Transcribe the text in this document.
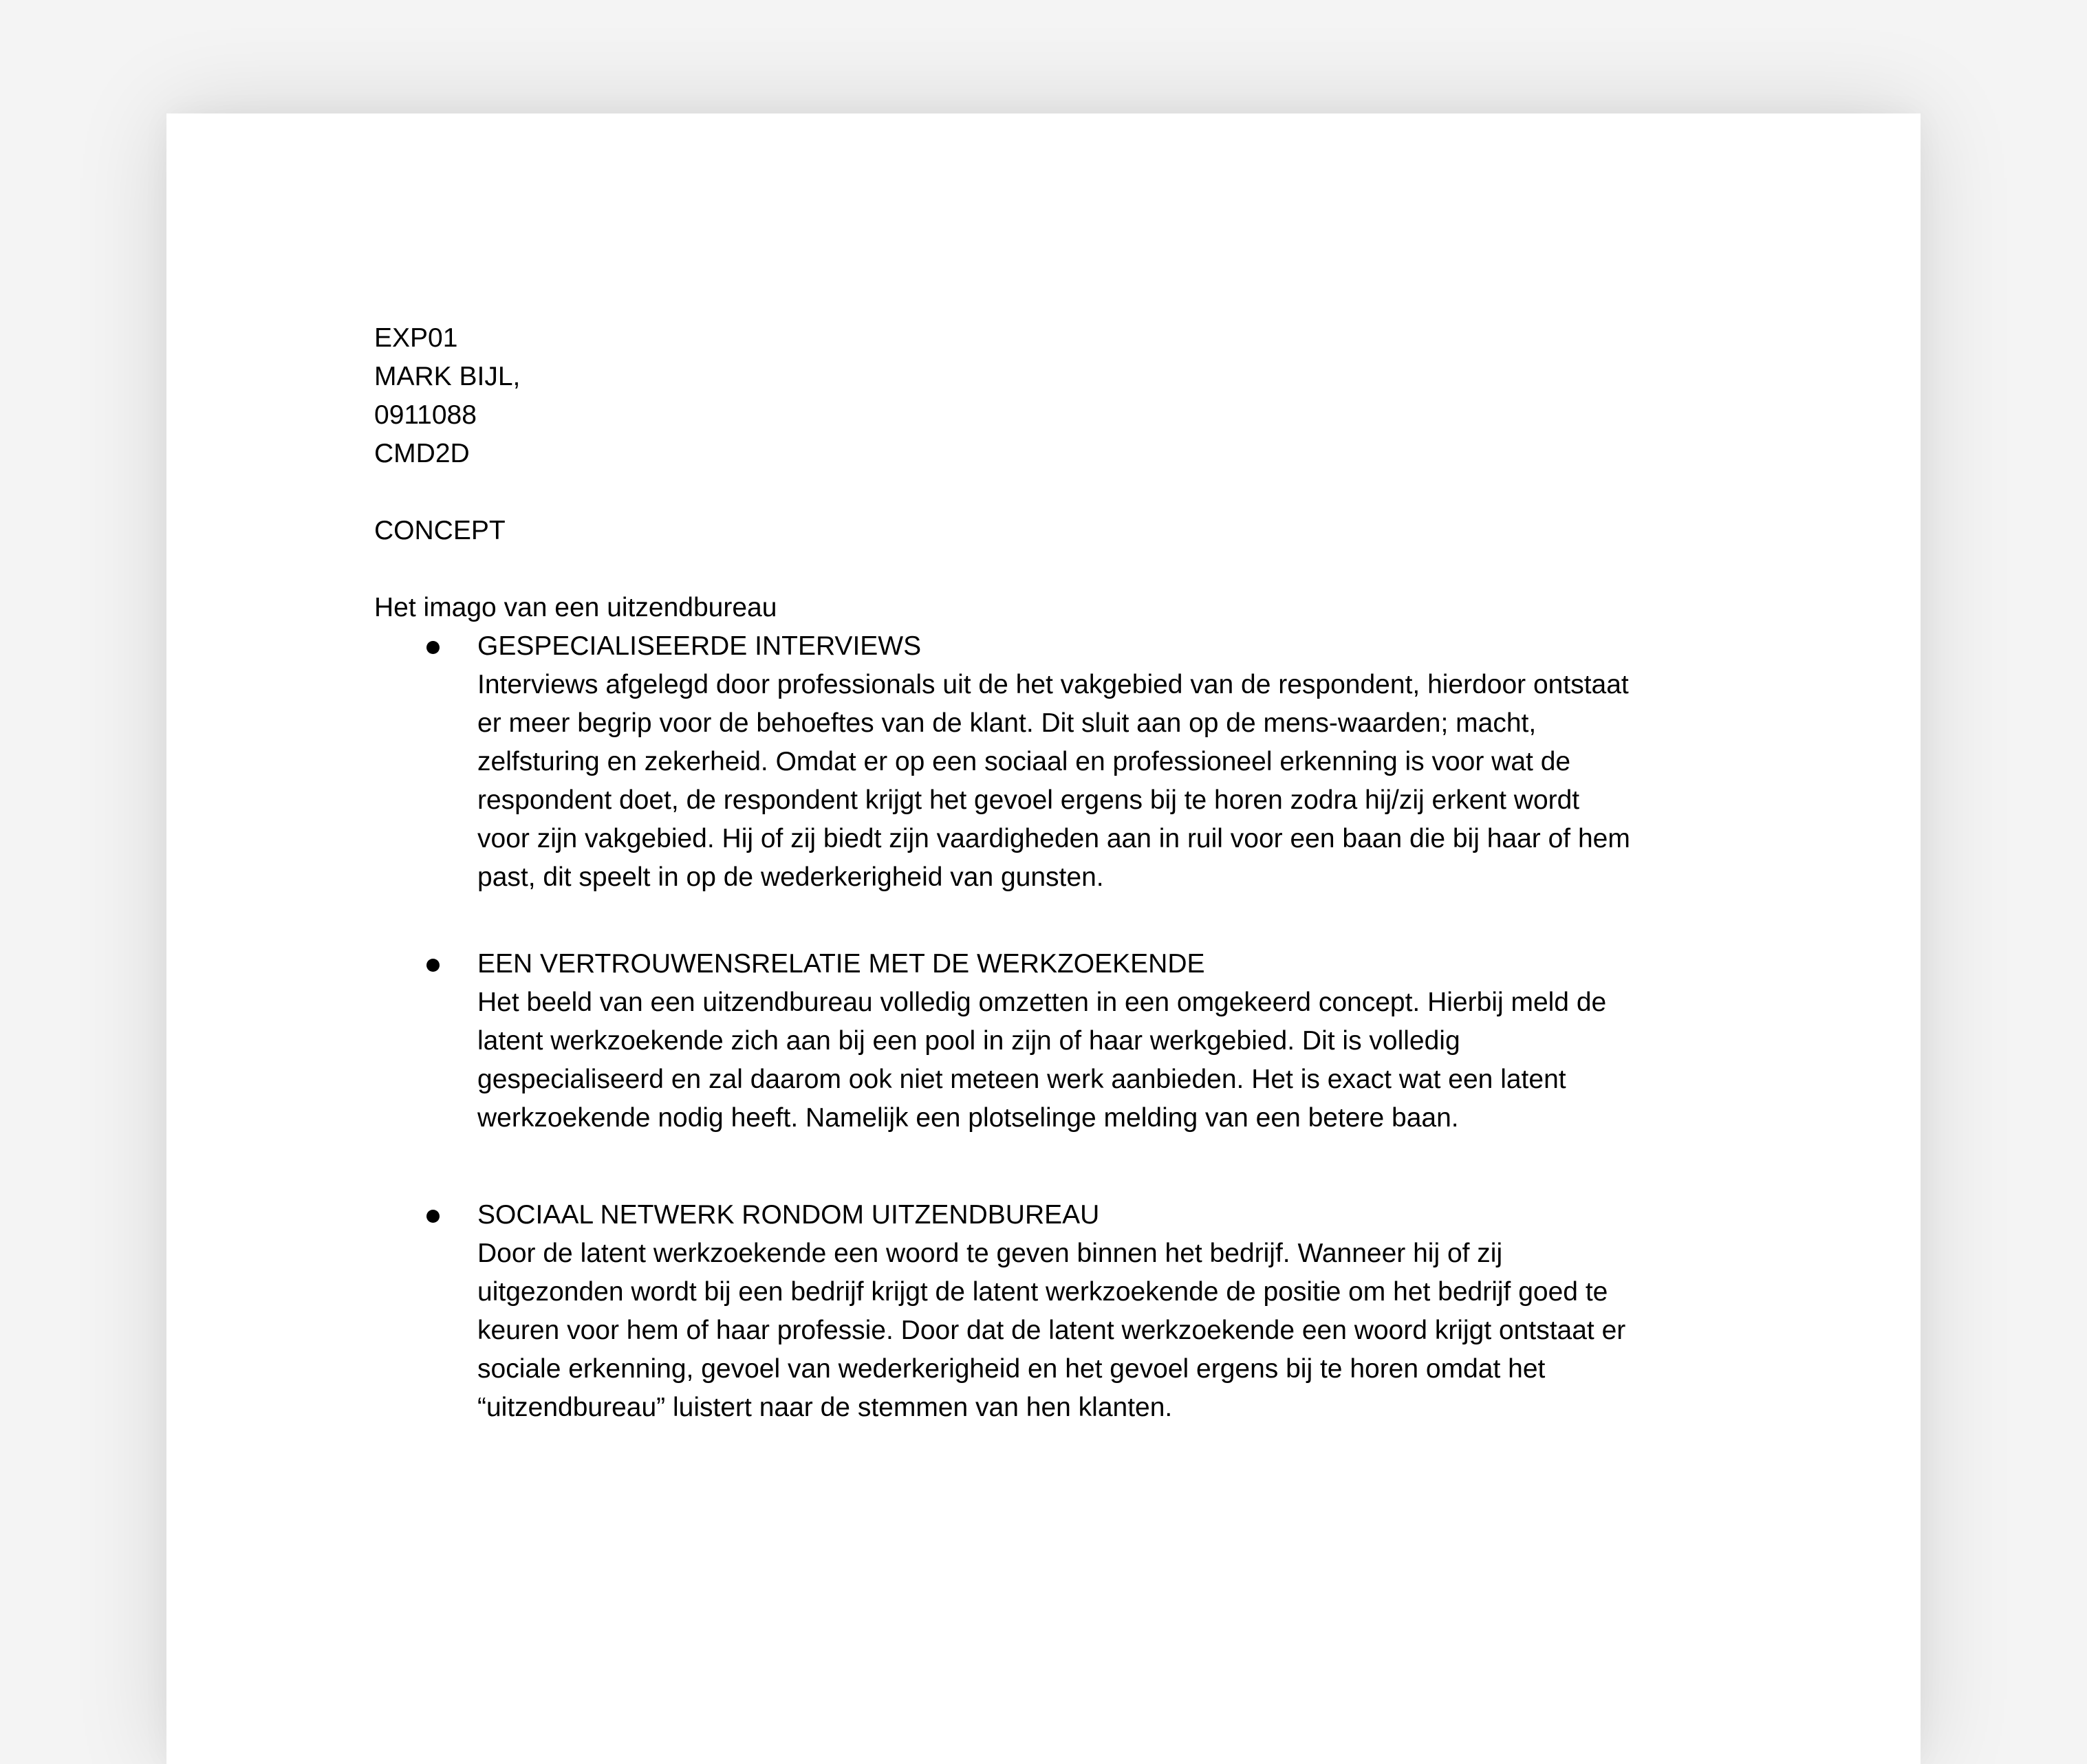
EXP01
MARK BIJL,
0911088
CMD2D
CONCEPT
Het imago van een uitzendbureau
GESPECIALISEERDE INTERVIEWS
Interviews afgelegd door professionals uit de het vakgebied van de respondent, hierdoor ontstaat
er meer begrip voor de behoeftes van de klant. Dit sluit aan op de mens-waarden; macht,
zelfsturing en zekerheid. Omdat er op een sociaal en professioneel erkenning is voor wat de
respondent doet, de respondent krijgt het gevoel ergens bij te horen zodra hij/zij erkent wordt
voor zijn vakgebied. Hij of zij biedt zijn vaardigheden aan in ruil voor een baan die bij haar of hem
past, dit speelt in op de wederkerigheid van gunsten.
EEN VERTROUWENSRELATIE MET DE WERKZOEKENDE
Het beeld van een uitzendbureau volledig omzetten in een omgekeerd concept. Hierbij meld de
latent werkzoekende zich aan bij een pool in zijn of haar werkgebied. Dit is volledig
gespecialiseerd en zal daarom ook niet meteen werk aanbieden. Het is exact wat een latent
werkzoekende nodig heeft. Namelijk een plotselinge melding van een betere baan.
SOCIAAL NETWERK RONDOM UITZENDBUREAU
Door de latent werkzoekende een woord te geven binnen het bedrijf. Wanneer hij of zij
uitgezonden wordt bij een bedrijf krijgt de latent werkzoekende de positie om het bedrijf goed te
keuren voor hem of haar professie. Door dat de latent werkzoekende een woord krijgt ontstaat er
sociale erkenning, gevoel van wederkerigheid en het gevoel ergens bij te horen omdat het
“uitzendbureau” luistert naar de stemmen van hen klanten.
